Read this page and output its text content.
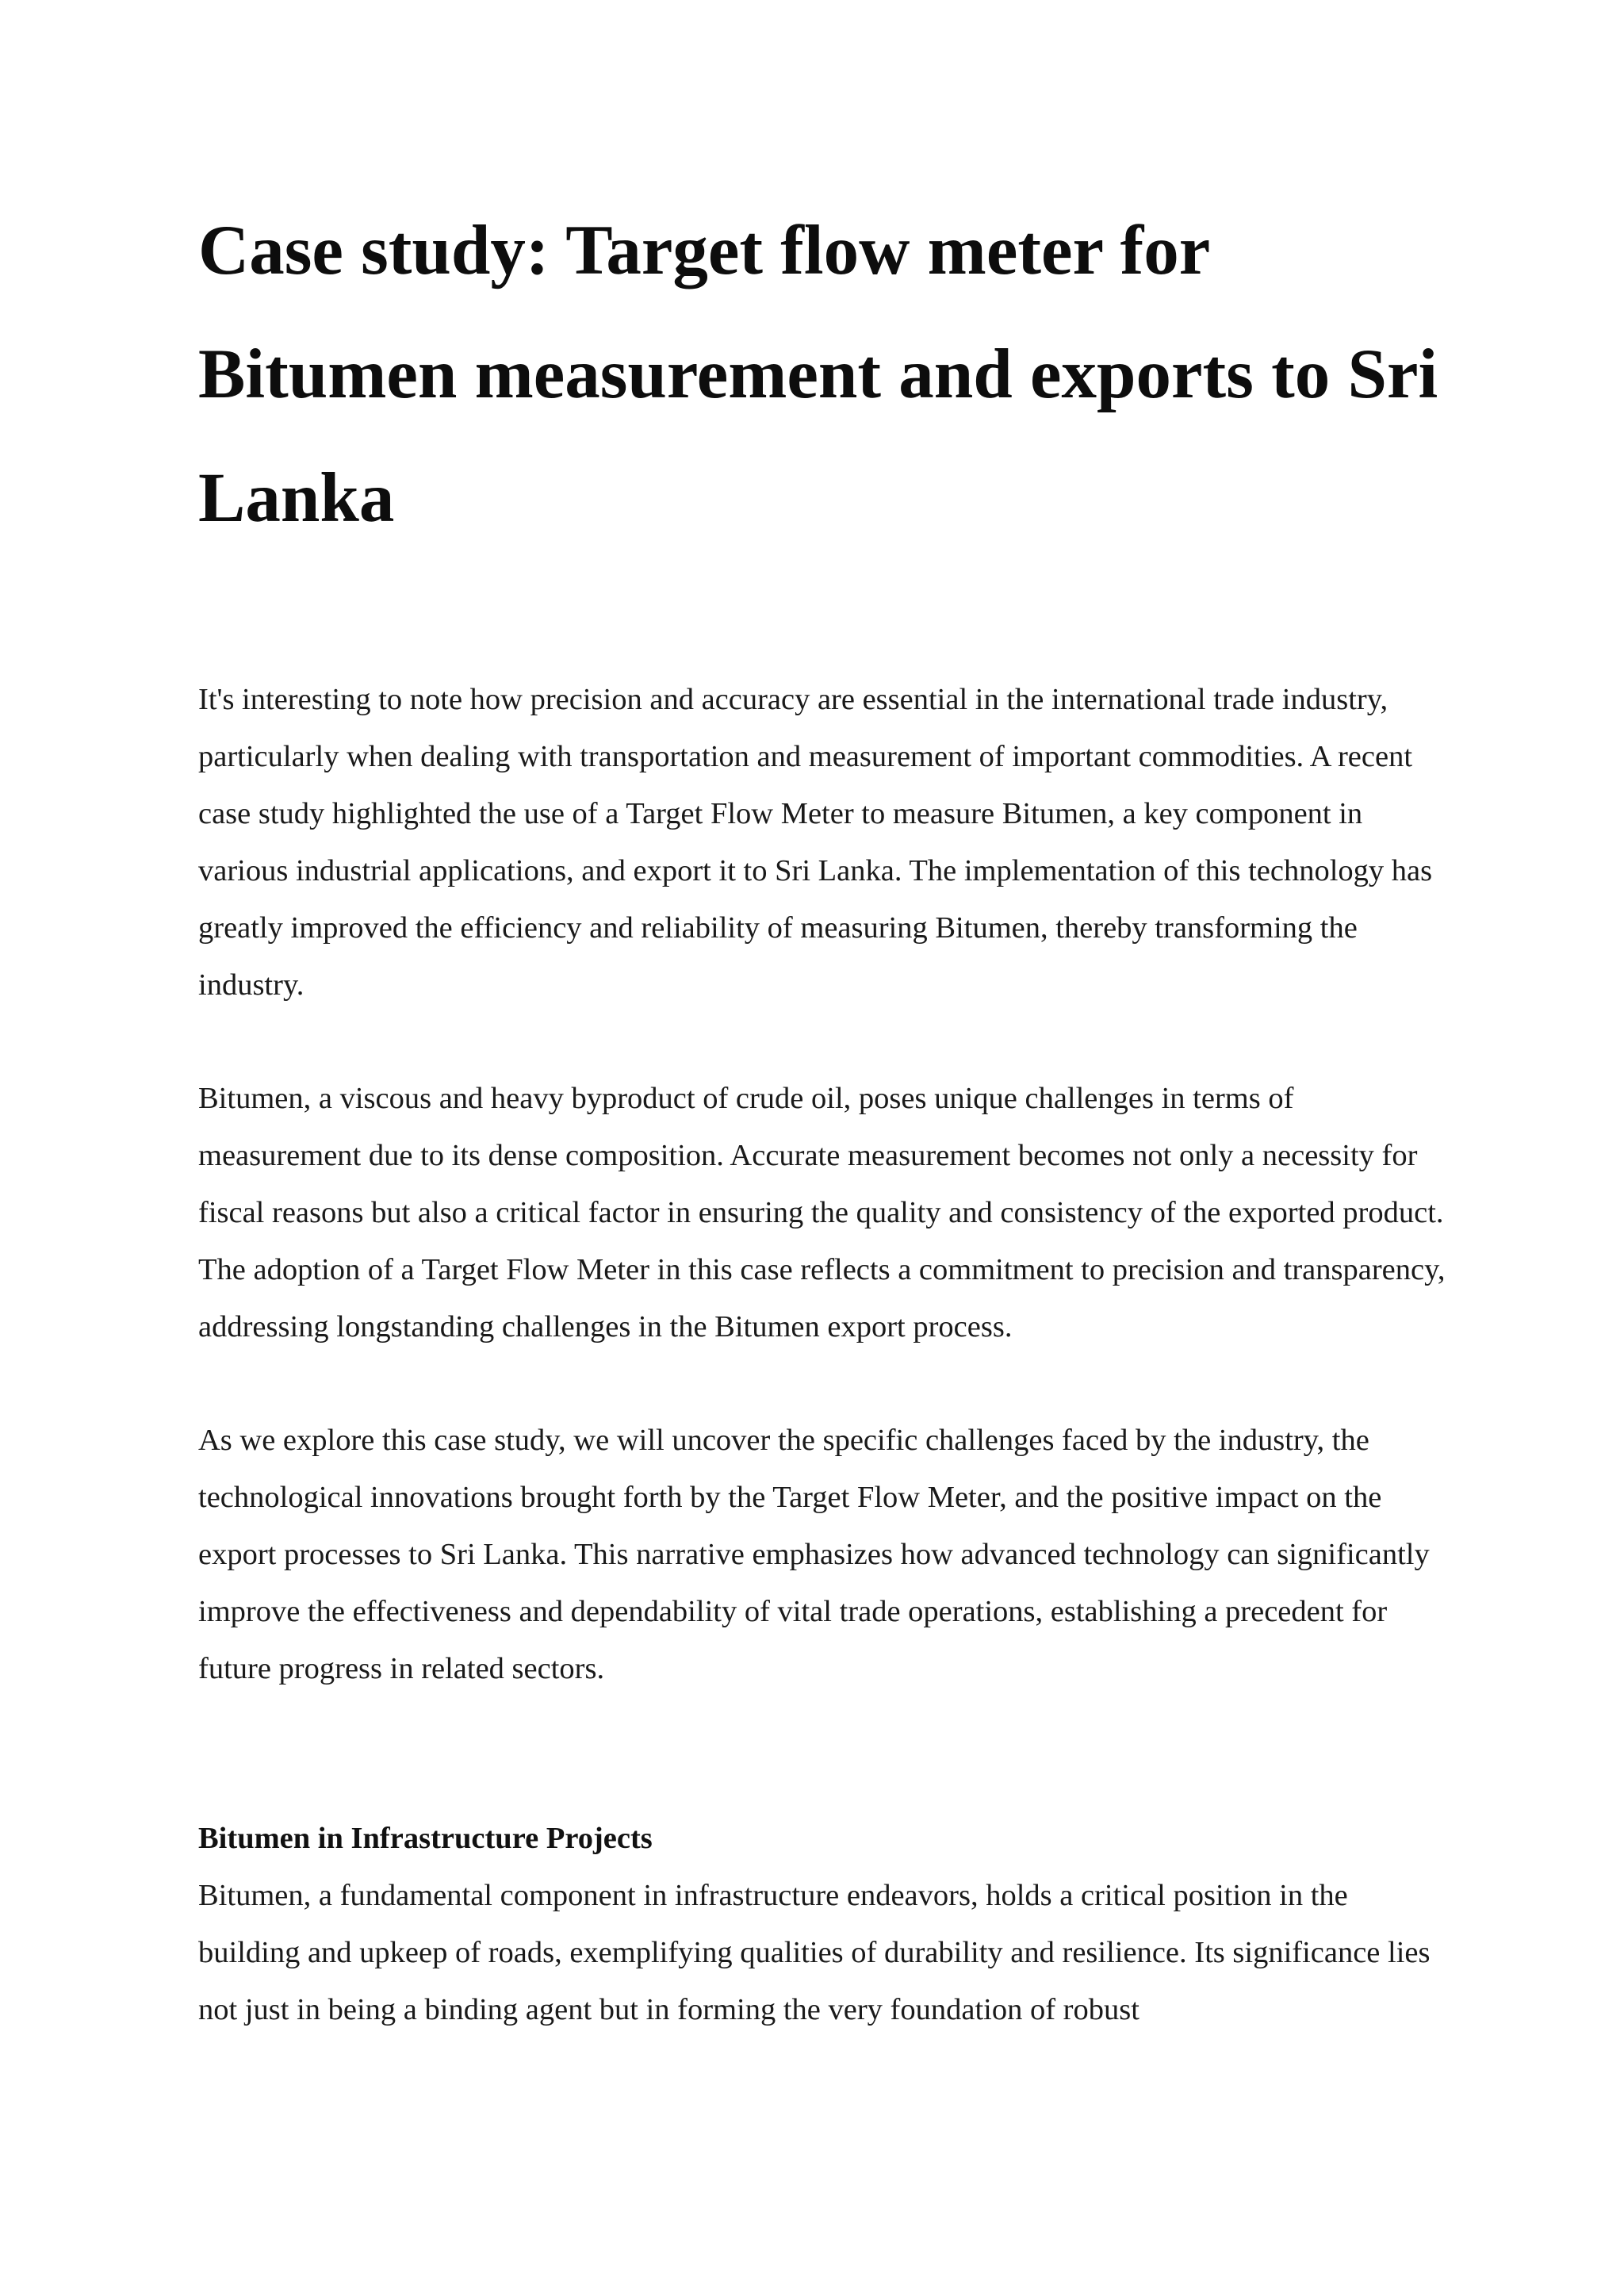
Case study: Target flow meter for Bitumen measurement and exports to Sri Lanka

It's interesting to note how precision and accuracy are essential in the international trade industry, particularly when dealing with transportation and measurement of important commodities. A recent case study highlighted the use of a Target Flow Meter to measure Bitumen, a key component in various industrial applications, and export it to Sri Lanka. The implementation of this technology has greatly improved the efficiency and reliability of measuring Bitumen, thereby transforming the industry.

Bitumen, a viscous and heavy byproduct of crude oil, poses unique challenges in terms of measurement due to its dense composition. Accurate measurement becomes not only a necessity for fiscal reasons but also a critical factor in ensuring the quality and consistency of the exported product. The adoption of a Target Flow Meter in this case reflects a commitment to precision and transparency, addressing longstanding challenges in the Bitumen export process.

As we explore this case study, we will uncover the specific challenges faced by the industry, the technological innovations brought forth by the Target Flow Meter, and the positive impact on the export processes to Sri Lanka. This narrative emphasizes how advanced technology can significantly improve the effectiveness and dependability of vital trade operations, establishing a precedent for future progress in related sectors.

Bitumen in Infrastructure Projects

Bitumen, a fundamental component in infrastructure endeavors, holds a critical position in the building and upkeep of roads, exemplifying qualities of durability and resilience. Its significance lies not just in being a binding agent but in forming the very foundation of robust
